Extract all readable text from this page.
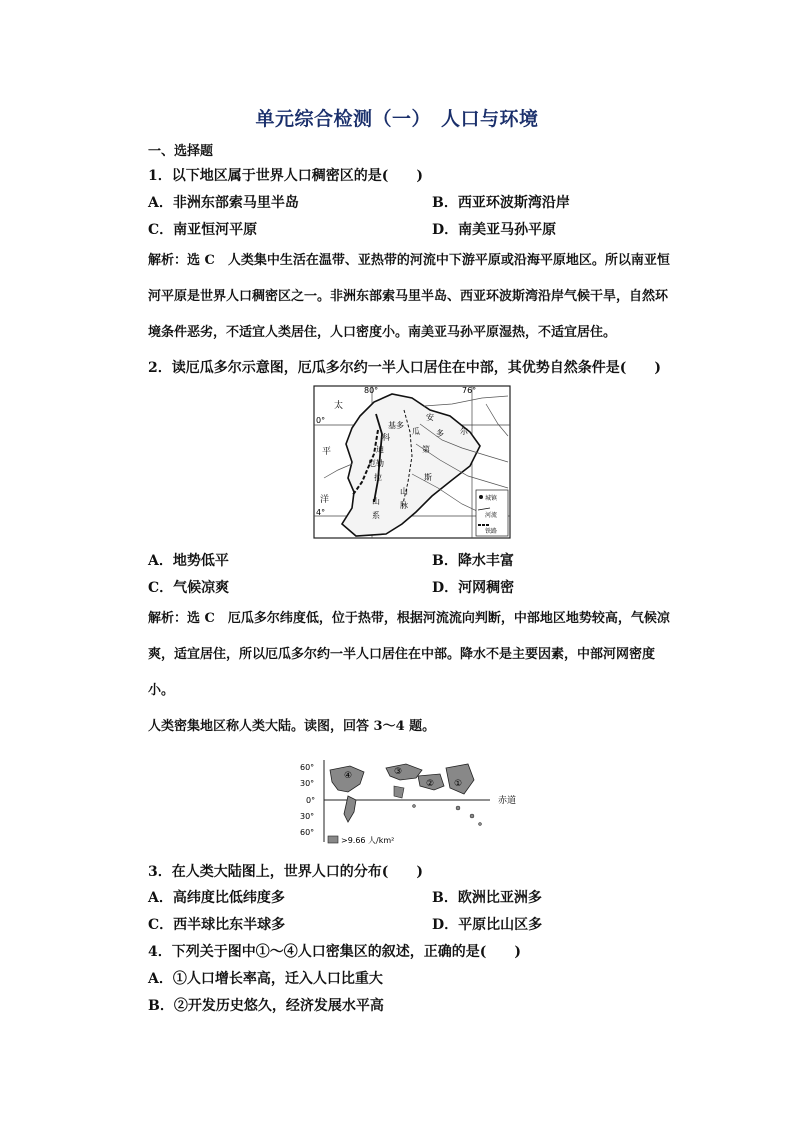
单元综合检测（一）　人口与环境
一、选择题
1．以下地区属于世界人口稠密区的是(　　)
A．非洲东部索马里半岛	B．西亚环波斯湾沿岸
C．南亚恒河平原	D．南美亚马孙平原
解析：选 C　人类集中生活在温带、亚热带的河流中下游平原或沿海平原地区。所以南亚恒河平原是世界人口稠密区之一。非洲东部索马里半岛、西亚环波斯湾沿岸气候干旱，自然环境条件恶劣，不适宜人类居住，人口密度小。南美亚马孙平原湿热，不适宜居住。
2．读厄瓜多尔示意图，厄瓜多尔约一半人口居住在中部，其优势自然条件是(　　)
80°	76°
0°
4°
太
平
洋
基 多
科
迪
勒
拉
安
瓜 多 尔
第
斯
山
脉
山
系
厄
城镇
河流
铁路
A．地势低平	B．降水丰富
C．气候凉爽	D．河网稠密
解析：选 C　厄瓜多尔纬度低，位于热带，根据河流流向判断，中部地区地势较高，气候凉爽，适宜居住，所以厄瓜多尔约一半人口居住在中部。降水不是主要因素，中部河网密度小。
人类密集地区称人类大陆。读图，回答 3～4 题。
60°
30°
0°
30°
60°
赤道
④	③
② ①
>9.66 人/km²
3．在人类大陆图上，世界人口的分布(　　)
A．高纬度比低纬度多	B．欧洲比亚洲多
C．西半球比东半球多	D．平原比山区多
4．下列关于图中①～④人口密集区的叙述，正确的是(　　)
A．①人口增长率高，迁入人口比重大
B．②开发历史悠久，经济发展水平高
